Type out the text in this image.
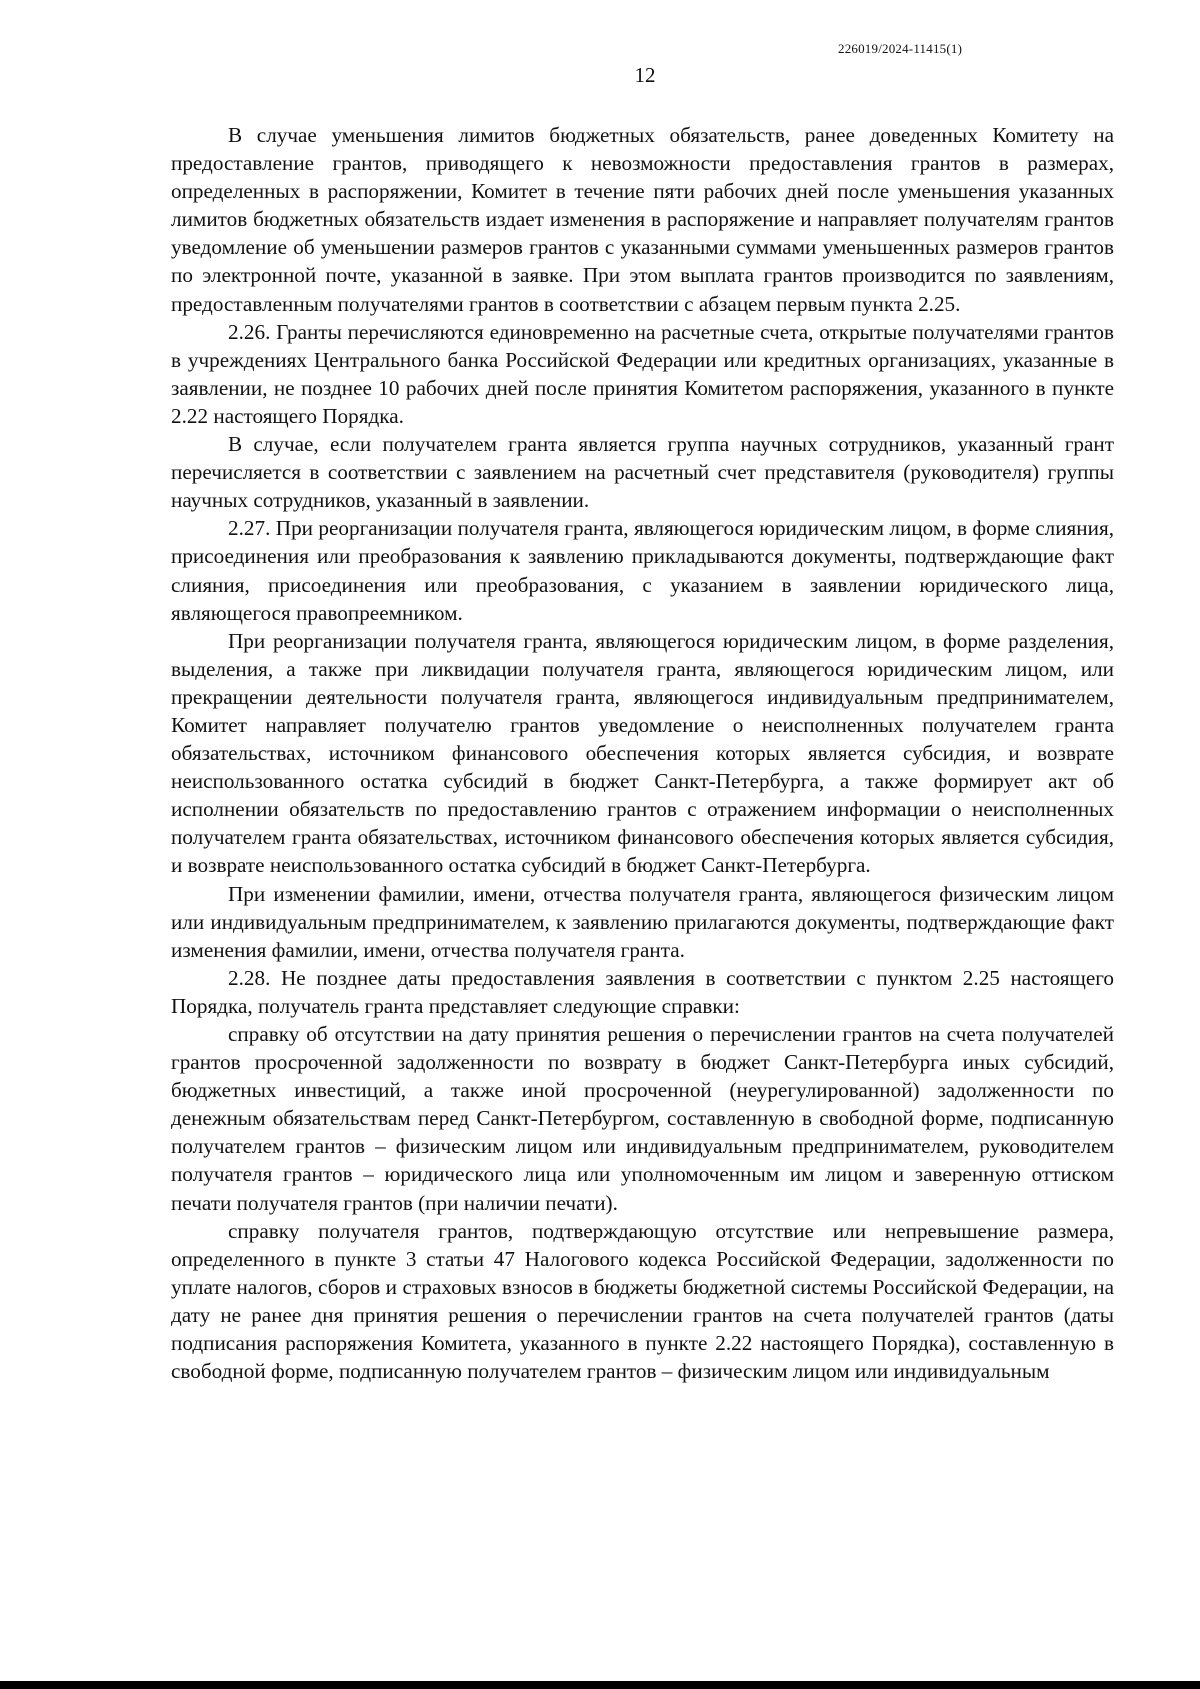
226019/2024-11415(1)
12

В случае уменьшения лимитов бюджетных обязательств, ранее доведенных Комитету на предоставление грантов, приводящего к невозможности предоставления грантов в размерах, определенных в распоряжении, Комитет в течение пяти рабочих дней после уменьшения указанных лимитов бюджетных обязательств издает изменения в распоряжение и направляет получателям грантов уведомление об уменьшении размеров грантов с указанными суммами уменьшенных размеров грантов по электронной почте, указанной в заявке. При этом выплата грантов производится по заявлениям, предоставленным получателями грантов в соответствии с абзацем первым пункта 2.25.

2.26. Гранты перечисляются единовременно на расчетные счета, открытые получателями грантов в учреждениях Центрального банка Российской Федерации или кредитных организациях, указанные в заявлении, не позднее 10 рабочих дней после принятия Комитетом распоряжения, указанного в пункте 2.22 настоящего Порядка.

В случае, если получателем гранта является группа научных сотрудников, указанный грант перечисляется в соответствии с заявлением на расчетный счет представителя (руководителя) группы научных сотрудников, указанный в заявлении.

2.27. При реорганизации получателя гранта, являющегося юридическим лицом, в форме слияния, присоединения или преобразования к заявлению прикладываются документы, подтверждающие факт слияния, присоединения или преобразования, с указанием в заявлении юридического лица, являющегося правопреемником.

При реорганизации получателя гранта, являющегося юридическим лицом, в форме разделения, выделения, а также при ликвидации получателя гранта, являющегося юридическим лицом, или прекращении деятельности получателя гранта, являющегося индивидуальным предпринимателем, Комитет направляет получателю грантов уведомление о неисполненных получателем гранта обязательствах, источником финансового обеспечения которых является субсидия, и возврате неиспользованного остатка субсидий в бюджет Санкт-Петербурга, а также формирует акт об исполнении обязательств по предоставлению грантов с отражением информации о неисполненных получателем гранта обязательствах, источником финансового обеспечения которых является субсидия, и возврате неиспользованного остатка субсидий в бюджет Санкт-Петербурга.

При изменении фамилии, имени, отчества получателя гранта, являющегося физическим лицом или индивидуальным предпринимателем, к заявлению прилагаются документы, подтверждающие факт изменения фамилии, имени, отчества получателя гранта.

2.28. Не позднее даты предоставления заявления в соответствии с пунктом 2.25 настоящего Порядка, получатель гранта представляет следующие справки:

справку об отсутствии на дату принятия решения о перечислении грантов на счета получателей грантов просроченной задолженности по возврату в бюджет Санкт-Петербурга иных субсидий, бюджетных инвестиций, а также иной просроченной (неурегулированной) задолженности по денежным обязательствам перед Санкт-Петербургом, составленную в свободной форме, подписанную получателем грантов – физическим лицом или индивидуальным предпринимателем, руководителем получателя грантов – юридического лица или уполномоченным им лицом и заверенную оттиском печати получателя грантов (при наличии печати).

справку получателя грантов, подтверждающую отсутствие или непревышение размера, определенного в пункте 3 статьи 47 Налогового кодекса Российской Федерации, задолженности по уплате налогов, сборов и страховых взносов в бюджеты бюджетной системы Российской Федерации, на дату не ранее дня принятия решения о перечислении грантов на счета получателей грантов (даты подписания распоряжения Комитета, указанного в пункте 2.22 настоящего Порядка), составленную в свободной форме, подписанную получателем грантов – физическим лицом или индивидуальным
